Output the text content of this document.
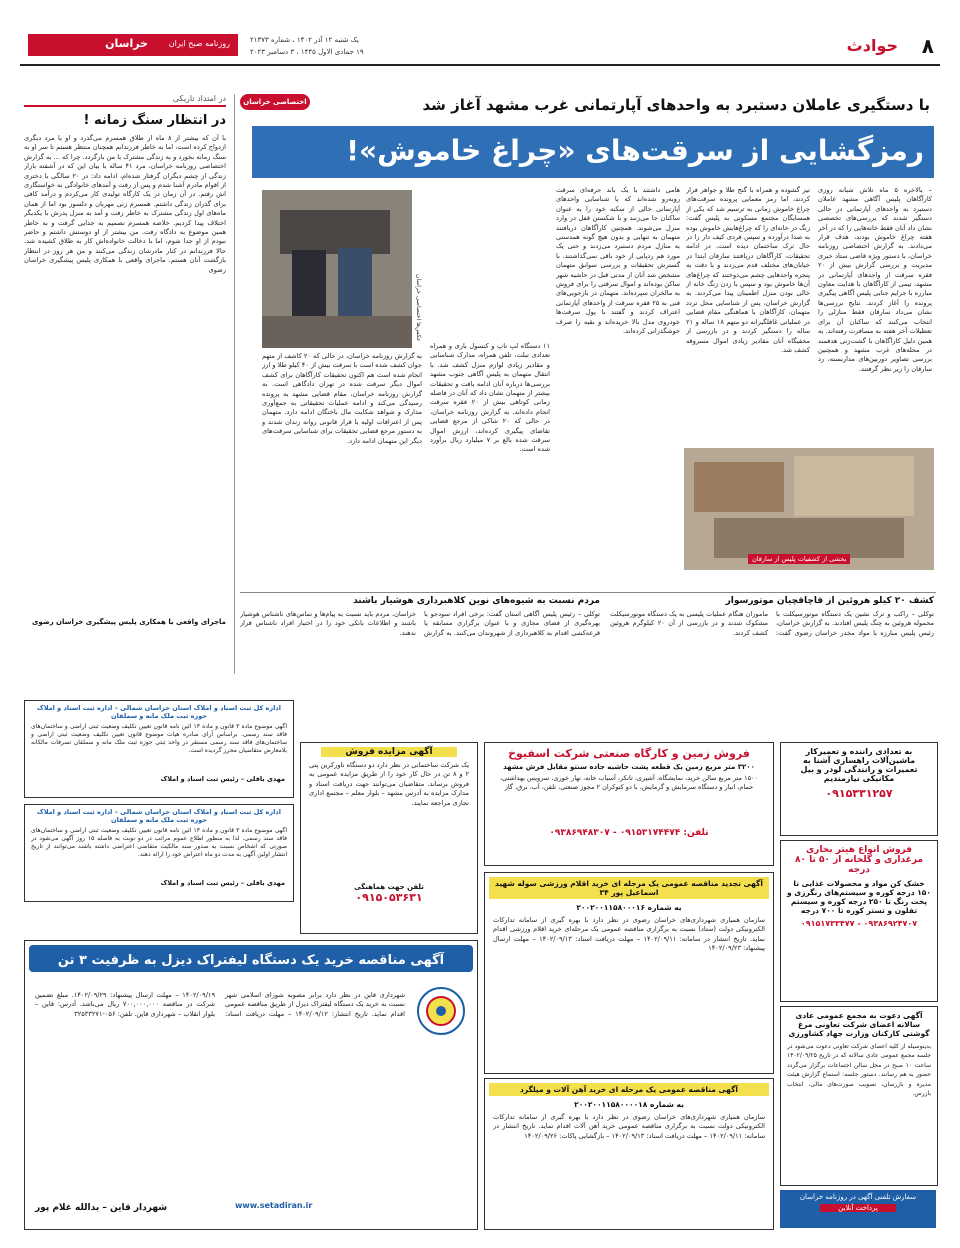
۸
حوادث
یک شنبه ۱۲ آذر ۱۴۰۲ ، شماره ۲۱۳۷۳
۱۹ جمادی الاول ۱۴۴۵ ، ۳ دسامبر ۲۰۲۳
خراسان	روزنامه صبح ایران
در امتداد تاریکی
در انتظار سنگ زمانه !

با آن که بیشتر از ۸ ماه از طلاق همسرم می‌گذرد و او با مرد دیگری ازدواج کرده است، اما به خاطر فرزندانم همچنان منتظر هستم تا سر او به سنگ زمانه بخورد و به زندگی مشترک با من بازگردد. چرا که ... به گزارش اختصاصی روزنامه خراسان، مرد ۴۱ ساله با بیان این که در آشفته بازار زندگی از چشم دیگران گرفتار شده‌ام، ادامه داد: در ۲۰ سالگی با دختری از اقوام مادرم آشنا شدم و پس از رفت و آمدهای خانوادگی به خواستگاری اش رفتم. در آن زمان در یک کارگاه تولیدی کار می‌کردم و درآمد کافی برای گذران زندگی داشتم. همسرم زنی مهربان و دلسوز بود اما از همان ماه‌های اول زندگی مشترک به خاطر رفت و آمد به منزل پدرش با یکدیگر اختلاف پیدا کردیم. خلاصه همسرم تصمیم به جدایی گرفت و به خاطر همین موضوع به دادگاه رفت. من بیشتر از او دوستش داشتم و حاضر نبودم از او جدا شوم، اما با دخالت خانواده‌اش کار به طلاق کشیده شد. حالا فرزندانم در کنار مادرشان زندگی می‌کنند و من هر روز در انتظار بازگشت آنان هستم. ماجرای واقعی با همکاری پلیس پیشگیری خراسان رضوی

ماجرای واقعی با همکاری پلیس پیشگیری خراسان رضوی
اختصاصی خراسان	با دستگیری عاملان دستبرد به واحدهای آپارتمانی غرب مشهد آغاز شد
رمزگشایی از سرقت‌های «چراغ خاموش»!
عکس‌ها اختصاصی خراسان

– بالاخره ۵ ماه تلاش شبانه روزی کارآگاهان پلیس آگاهی مشهد عاملان دستبرد به واحدهای آپارتمانی در حالی دستگیر شدند که بررسی‌های تخصصی نشان داد آنان فقط خانه‌هایی را که در آخر هفته چراغ خاموش بودند، هدف قرار می‌دادند. به گزارش اختصاصی روزنامه خراسان، با دستور ویژه قاضی ستاد خبری مدیریت و بررسی گزارش بیش از ۲۰ فقره سرقت از واحدهای آپارتمانی در مشهد، تیمی از کارآگاهان با هدایت معاون مبارزه با جرایم جنایی پلیس آگاهی پیگیری پرونده را آغاز کردند. نتایج بررسی‌ها نشان می‌داد سارقان فقط منازلی را انتخاب می‌کنند که ساکنان آن برای تعطیلات آخر هفته به مسافرت رفته‌اند. به همین دلیل کارآگاهان با گشت‌زنی هدفمند در محله‌های غرب مشهد و همچنین بررسی تصاویر دوربین‌های مداربسته، رد سارقان را زیر نظر گرفتند.

تیز گشوده و همراه با گنج طلا و جواهر فرار کردند، اما رمز معمایی پرونده سرقت‌های چراغ خاموش زمانی به ترسیم شد که یکی از همسایگان مجتمع مسکونی به پلیس گفت: زنگ در خانه‌ای را که چراغ‌هایش خاموش بوده به صدا درآورده و سپس فردی کیف دار را در حال ترک ساختمان دیده است. در ادامه تحقیقات، کارآگاهان دریافتند سارقان ابتدا در خیابان‌های مختلف قدم می‌زدند و با دقت به پنجره واحدهایی چشم می‌دوختند که چراغ‌های آن‌ها خاموش بود و سپس با زدن زنگ خانه از خالی بودن منزل اطمینان پیدا می‌کردند. به گزارش خراسان، پس از شناسایی محل تردد متهمان، کارآگاهان با هماهنگی مقام قضایی در عملیاتی غافلگیرانه دو متهم ۱۸ ساله و ۲۱ ساله را دستگیر کردند و در بازرسی از مخفیگاه آنان مقادیر زیادی اموال مسروقه کشف شد.

هامی داشتند با یک باند حرفه‌ای سرقت روبه‌رو شده‌اند که با شناسایی واحدهای آپارتمانی خالی از سکنه خود را به عنوان ساکنان جا می‌زنند و با شکستن قفل در وارد منزل می‌شوند. همچنین کارآگاهان دریافتند متهمان به تنهایی و بدون هیچ گونه همدستی به منازل مردم دستبرد می‌زدند و حتی یک مورد هم ردپایی از خود باقی نمی‌گذاشتند. با گسترش تحقیقات و بررسی سوابق متهمان مشخص شد آنان از مدتی قبل در حاشیه شهر ساکن بوده‌اند و اموال سرقتی را برای فروش به مالخران سپرده‌اند. متهمان در بازجویی‌های فنی به ۲۵ فقره سرقت از واحدهای آپارتمانی اعتراف کردند و گفتند با پول سرقت‌ها خودروی مدل بالا خریده‌اند و بقیه را صرف خوشگذرانی کرده‌اند.

۱۱ دستگاه لپ تاپ و کنسول بازی و همراه تعدادی تبلت، تلفن همراه، مدارک شناسایی و مقادیر زیادی لوازم منزل کشف شد. با انتقال متهمان به پلیس آگاهی جنوب مشهد بررسی‌ها درباره آنان ادامه یافت و تحقیقات بیشتر از متهمان نشان داد که آنان در فاصله زمانی کوتاهی بیش از ۲۰ فقره سرقت انجام داده‌اند. به گزارش روزنامه خراسان، در حالی که ۲۰ شاکی از مرجع قضایی تقاضای پیگیری کرده‌اند، ارزش اموال سرقت شده بالغ بر ۷ میلیارد ریال برآورد شده است.

به گزارش روزنامه خراسان، در حالی که ۲۰ کاشف از متهم جوان کشف شده است با سرقت بیش از ۴۰ کیلو طلا و ارز انجام شده است هم اکنون تحقیقات کارآگاهان برای کشف اموال دیگر سرقت شده در تهران دادگاهی است. به گزارش روزنامه خراسان، مقام قضایی مشهد به پرونده رسیدگی می‌کند و ادامه عملیات تحقیقاتی به جمع‌آوری مدارک و شواهد شکایت مال باختگان ادامه دارد. متهمان پس از اعترافات اولیه با قرار قانونی روانه زندان شدند و به دستور مرجع قضایی تحقیقات برای شناسایی سرقت‌های دیگر این متهمان ادامه دارد.

بخشی از کشفیات پلیس از سارقان
کشف ۲۰ کیلو هروئین از قاچاقچیان موتورسوار

توکلی – راکب و ترک نشین یک دستگاه موتورسیکلت با محموله هروئین به چنگ پلیس افتادند. به گزارش خراسان، رئیس پلیس مبارزه با مواد مخدر خراسان رضوی گفت: ماموران هنگام عملیات پلیسی به یک دستگاه موتورسیکلت مشکوک شدند و در بازرسی از آن ۲۰ کیلوگرم هروئین کشف کردند.

مردم نسبت به شیوه‌های نوین کلاهبرداری هوشیار باشند

توکلی – رئیس پلیس آگاهی استان گفت: برخی افراد سودجو با بهره‌گیری از فضای مجازی و با عنوان برگزاری مسابقه یا قرعه‌کشی اقدام به کلاهبرداری از شهروندان می‌کنند. به گزارش خراسان، مردم باید نسبت به پیام‌ها و تماس‌های ناشناس هوشیار باشند و اطلاعات بانکی خود را در اختیار افراد ناشناس قرار ندهند.

فروش زمین و کارگاه صنعتی شرکت اسفیوخ
۳۲۰۰ متر مربع زمین یک قطعه پشت حاشیه جاده سنتو مقابل فرش مشهد

۱۵۰۰ متر مربع سالن خرید، نمایشگاه، آشپزی، تانکر، آسیاب خانه، نهار خوری، سرویس بهداشتی، حمام، انبار و دستگاه سرمایش و گرمایش، با دو کتوکران ۲ مجوز صنعتی، تلفن، آب، برق، گاز

تلفن: ۰۹۱۵۳۱۷۴۴۷۴ - ۰۹۳۸۶۹۴۸۳۰۷
آگهی مزایده فروش

یک شرکت ساختمانی در نظر دارد دو دستگاه تاورکرین پتی ۲ و ۸ تن در حال کار خود را از طریق مزایده عمومی به فروش برساند. متقاضیان می‌توانند جهت دریافت اسناد و مدارک مزایده به آدرس مشهد – بلوار معلم – مجتمع اداری تجاری مراجعه نمایند.

تلفن جهت هماهنگی
۰۹۱۵۰۵۳۶۳۱
به تعدادی راننده و تعمیرکار ماشین‌آلات راهسازی آشنا به تعمیرات و رانندگی لودر و بیل مکانیکی نیازمندیم
۰۹۱۵۳۳۱۲۵۷
فروش انواع هیتر بخاری مرغداری و گلخانه از ۵۰ تا ۸۰ درجه
خشک کن مواد و محصولات غذایی تا ۱۵۰ درجه کوره و سیستم‌های رنگرزی و پخت رنگ تا ۲۵۰ درجه کوره و سیستم تفلون و تستر کوره تا ۷۰۰ درجه
۰۹۳۸۶۹۲۴۷۰۷ - ۰۹۱۵۱۷۳۳۴۷۷
آگهی دعوت به مجمع عمومی عادی سالانه اعضای شرکت تعاونی مرغ گوشتی کارکنان وزارت جهاد کشاورزی

بدینوسیله از کلیه اعضای شرکت تعاونی دعوت می‌شود در جلسه مجمع عمومی عادی سالانه که در تاریخ ۱۴۰۲/۰۹/۲۵ ساعت ۱۰ صبح در محل سالن اجتماعات برگزار می‌گردد حضور به هم رسانند. دستور جلسه: استماع گزارش هیئت مدیره و بازرسان، تصویب صورت‌های مالی، انتخاب بازرس.

سفارش تلفنی آگهی در روزنامه خراسان
پرداخت آنلاین
آگهی تجدید مناقصه عمومی یک مرحله ای خرید اقلام ورزشی سوله شهید اسماعیل پور ۳۴
به شماره ۲۰۰۲۰۰۱۱۵۸۰۰۰۱۶

سازمان همیاری شهرداری‌های خراسان رضوی در نظر دارد با بهره گیری از سامانه تدارکات الکترونیکی دولت (ستاد) نسبت به برگزاری مناقصه عمومی یک مرحله‌ای خرید اقلام ورزشی اقدام نماید. تاریخ انتشار در سامانه: ۱۴۰۲/۰۹/۱۱ – مهلت دریافت اسناد: ۱۴۰۲/۰۹/۱۳ – مهلت ارسال پیشنهاد: ۱۴۰۲/۰۹/۲۳

آگهی مناقصه عمومی یک مرحله ای خرید آهن آلات و میلگرد
به شماره ۲۰۰۲۰۰۱۱۵۸۰۰۰۰۱۸

سازمان همیاری شهرداری‌های خراسان رضوی در نظر دارد با بهره گیری از سامانه تدارکات الکترونیکی دولت نسبت به برگزاری مناقصه عمومی خرید آهن آلات اقدام نماید. تاریخ انتشار در سامانه: ۱۴۰۲/۰۹/۱۱ – مهلت دریافت اسناد: ۱۴۰۲/۰۹/۱۳ – بازگشایی پاکات: ۱۴۰۲/۰۹/۲۶

اداره کل ثبت اسناد و املاک استان خراسان شمالی – اداره ثبت اسناد و املاک حوزه ثبت ملک مانه و سملقان

آگهی موضوع ماده ۳ قانون و ماده ۱۳ آئین نامه قانون تعیین تکلیف وضعیت ثبتی اراضی و ساختمان‌های فاقد سند رسمی. براساس آرای صادره هیات موضوع قانون تعیین تکلیف وضعیت ثبتی اراضی و ساختمان‌های فاقد سند رسمی مستقر در واحد ثبتی حوزه ثبت ملک مانه و سملقان تصرفات مالکانه بلامعارض متقاضیان محرز گردیده است.

مهدی باقلی – رئیس ثبت اسناد و املاک
اداره کل ثبت اسناد و املاک استان خراسان شمالی – اداره ثبت اسناد و املاک حوزه ثبت ملک مانه و سملقان

آگهی موضوع ماده ۳ قانون و ماده ۱۳ آئین نامه قانون تعیین تکلیف وضعیت ثبتی اراضی و ساختمان‌های فاقد سند رسمی. لذا به منظور اطلاع عموم مراتب در دو نوبت به فاصله ۱۵ روز آگهی می‌شود در صورتی که اشخاص نسبت به صدور سند مالکیت متقاضی اعتراضی داشته باشند می‌توانند از تاریخ انتشار اولین آگهی به مدت دو ماه اعتراض خود را ارائه دهند.

مهدی باقلی – رئیس ثبت اسناد و املاک
آگهی مناقصه خرید یک دستگاه لیفتراک دیزل به ظرفیت ۳ تن

شهرداری قاین در نظر دارد برابر مصوبه شورای اسلامی شهر نسبت به خرید یک دستگاه لیفتراک دیزل از طریق مناقصه عمومی اقدام نماید. تاریخ انتشار: ۱۴۰۲/۰۹/۱۲ – مهلت دریافت اسناد: ۱۴۰۲/۰۹/۱۹ – مهلت ارسال پیشنهاد: ۱۴۰۲/۰۹/۲۹. مبلغ تضمین شرکت در مناقصه ۷۰۰,۰۰۰,۰۰۰ ریال می‌باشد. آدرس: قاین – بلوار انقلاب – شهرداری قاین. تلفن: ۰۵۶-۳۲۵۳۳۲۷۱

www.setadiran.ir
شهردار قاین – بدالله غلام پور
